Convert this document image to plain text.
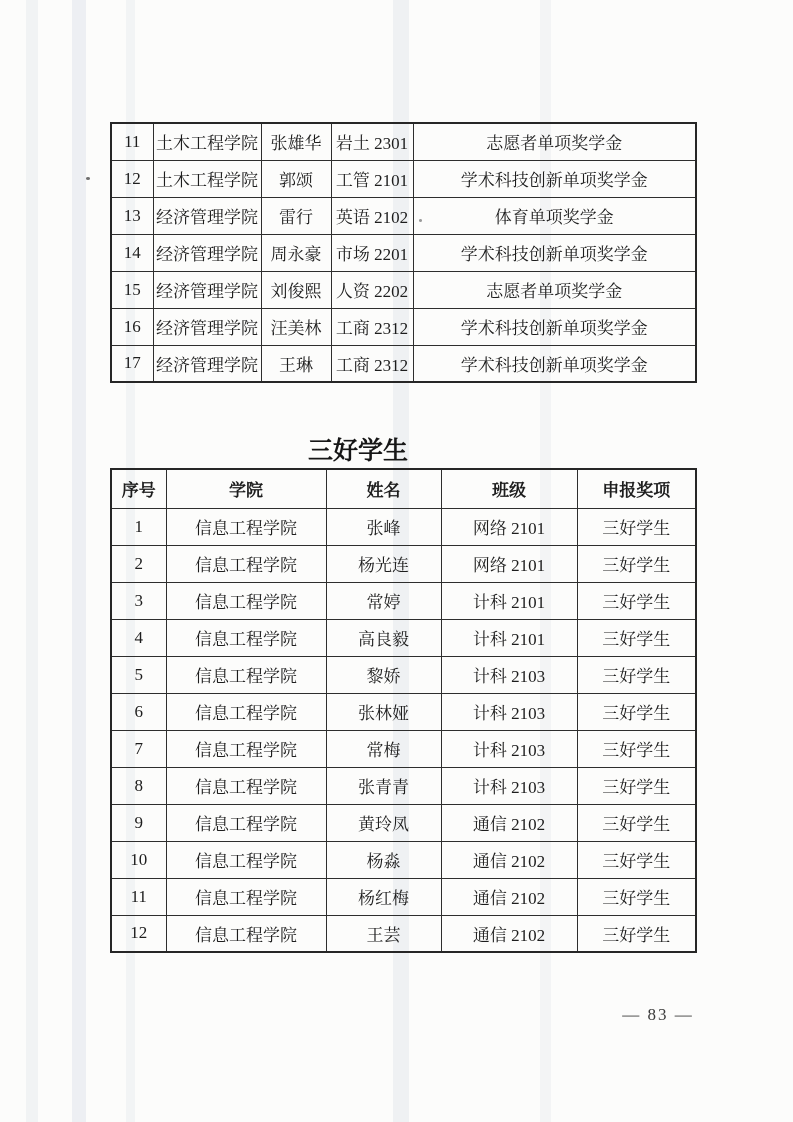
11	土木工程学院	张雄华	岩土 2301	志愿者单项奖学金
12	土木工程学院	郭颂	工管 2101	学术科技创新单项奖学金
13	经济管理学院	雷行	英语 2102	体育单项奖学金
14	经济管理学院	周永豪	市场 2201	学术科技创新单项奖学金
15	经济管理学院	刘俊熙	人资 2202	志愿者单项奖学金
16	经济管理学院	汪美林	工商 2312	学术科技创新单项奖学金
17	经济管理学院	王琳	工商 2312	学术科技创新单项奖学金
三好学生
序号	学院	姓名	班级	申报奖项
1	信息工程学院	张峰	网络 2101	三好学生
2	信息工程学院	杨光连	网络 2101	三好学生
3	信息工程学院	常婷	计科 2101	三好学生
4	信息工程学院	高良毅	计科 2101	三好学生
5	信息工程学院	黎娇	计科 2103	三好学生
6	信息工程学院	张林娅	计科 2103	三好学生
7	信息工程学院	常梅	计科 2103	三好学生
8	信息工程学院	张青青	计科 2103	三好学生
9	信息工程学院	黄玲凤	通信 2102	三好学生
10	信息工程学院	杨淼	通信 2102	三好学生
11	信息工程学院	杨红梅	通信 2102	三好学生
12	信息工程学院	王芸	通信 2102	三好学生
— 83 —
